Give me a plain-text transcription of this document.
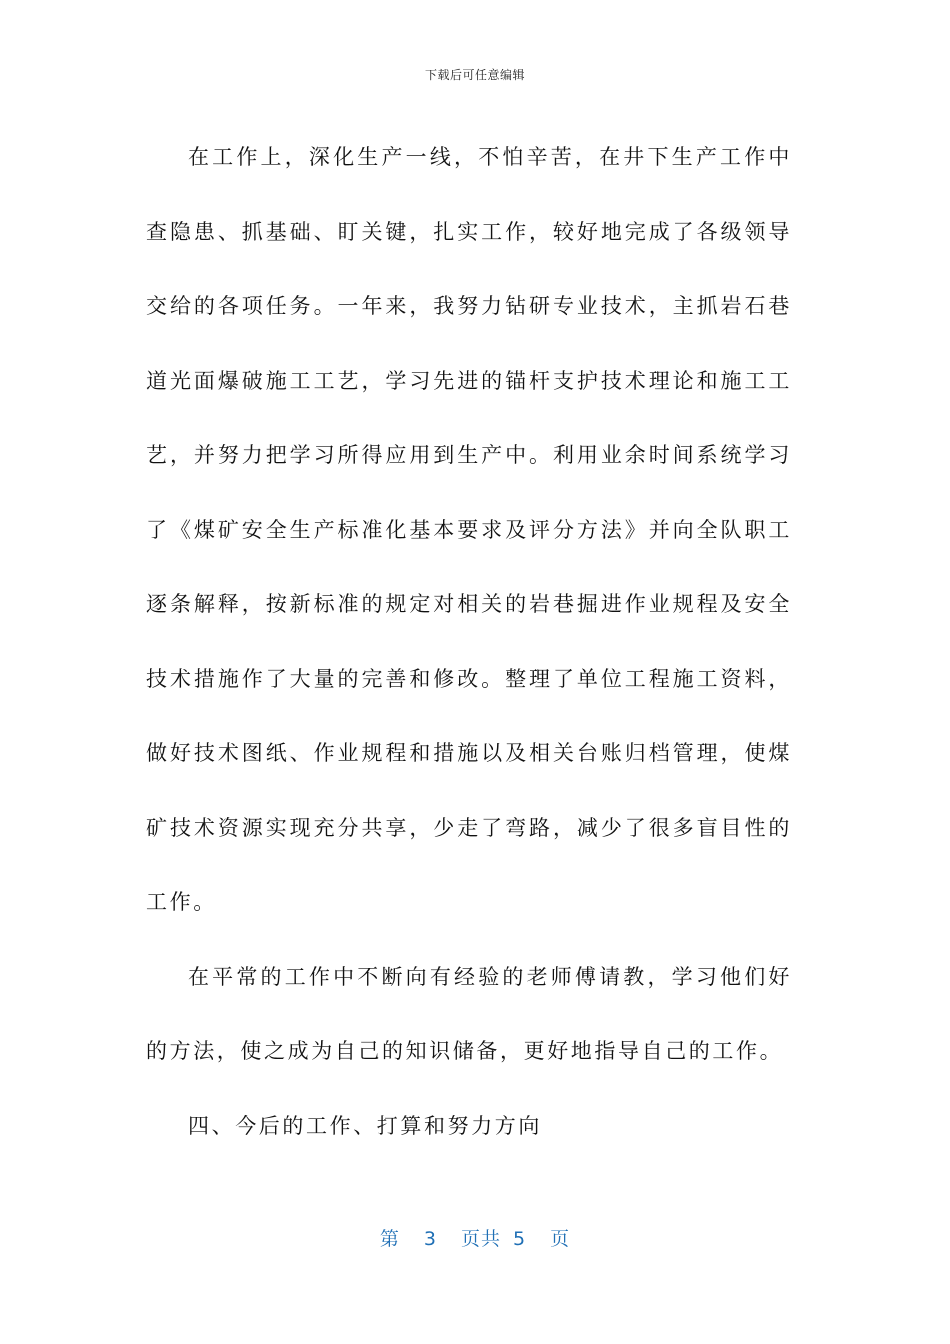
下载后可任意编辑

在工作上，深化生产一线，不怕辛苦，在井下生产工作中查隐患、抓基础、盯关键，扎实工作，较好地完成了各级领导交给的各项任务。一年来，我努力钻研专业技术，主抓岩石巷道光面爆破施工工艺，学习先进的锚杆支护技术理论和施工工艺，并努力把学习所得应用到生产中。利用业余时间系统学习了《煤矿安全生产标准化基本要求及评分方法》并向全队职工逐条解释，按新标准的规定对相关的岩巷掘进作业规程及安全技术措施作了大量的完善和修改。整理了单位工程施工资料，做好技术图纸、作业规程和措施以及相关台账归档管理，使煤矿技术资源实现充分共享，少走了弯路，减少了很多盲目性的工作。

在平常的工作中不断向有经验的老师傅请教，学习他们好的方法，使之成为自己的知识储备，更好地指导自己的工作。

四、今后的工作、打算和努力方向

第 3 页共 5 页
